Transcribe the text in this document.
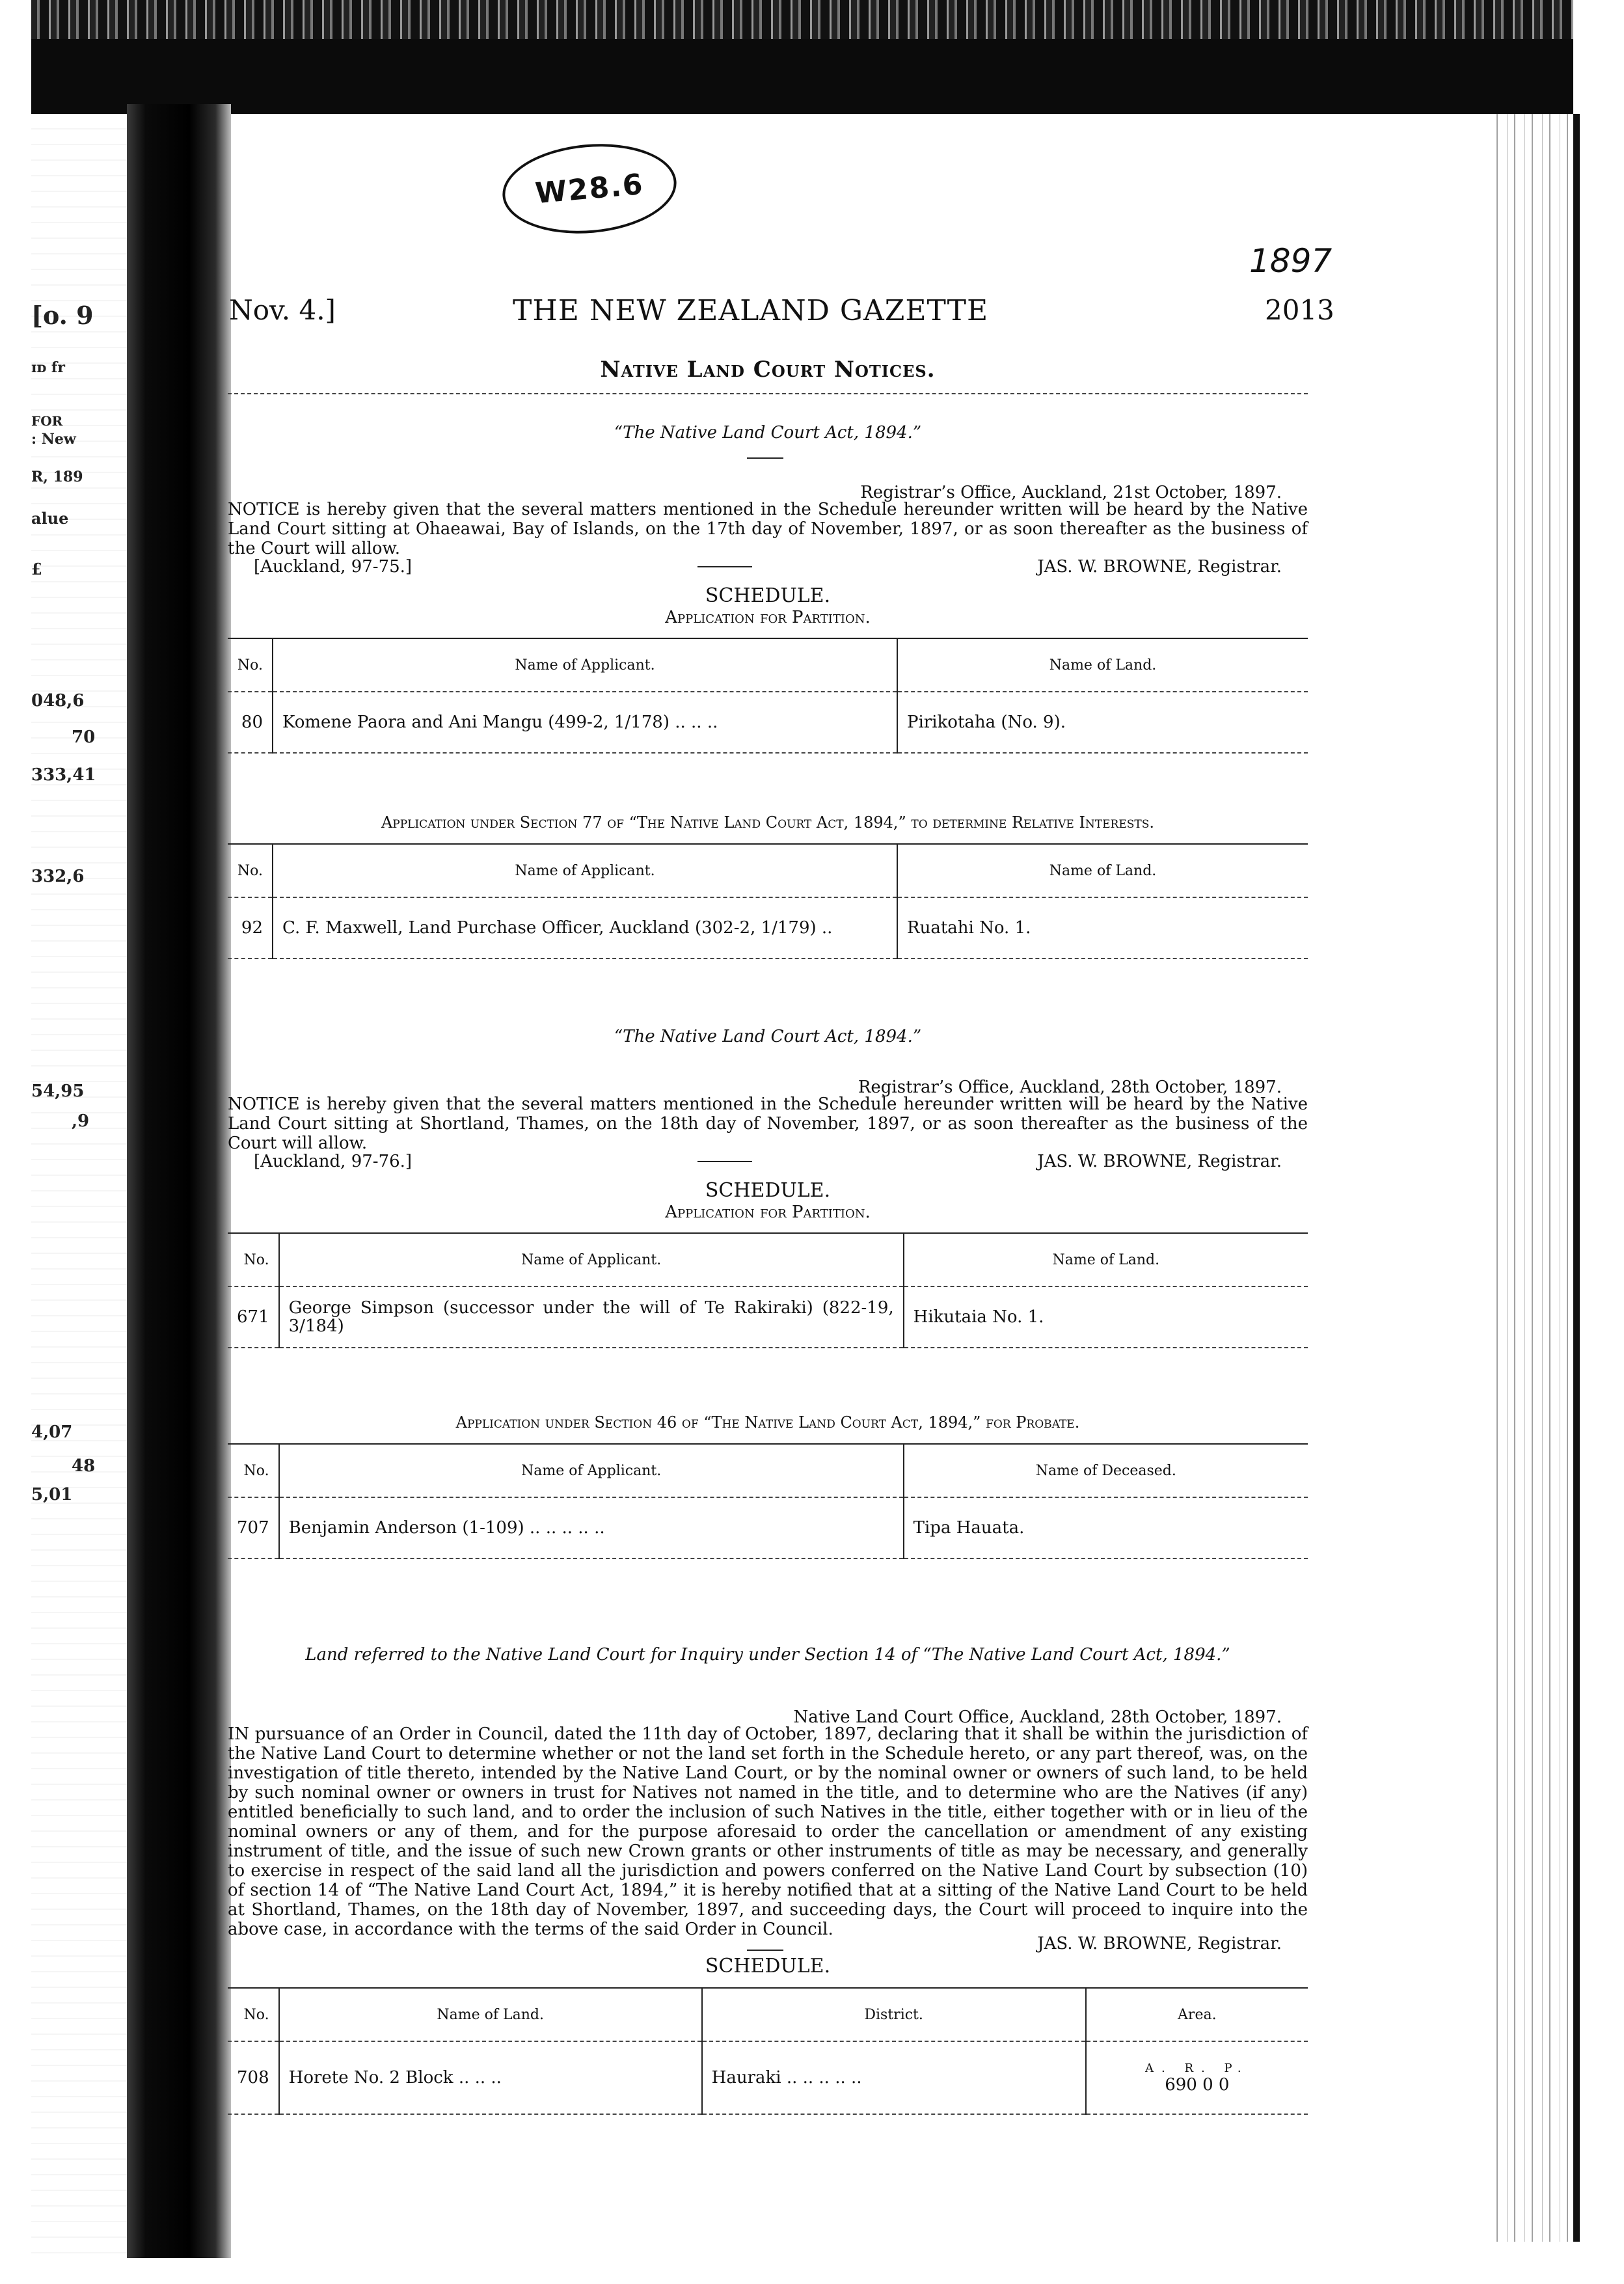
[o. 9
ɪᴅ fr
FOR
: New
R, 189
alue
£
048,6
70
333,41
332,6
54,95
,9
4,07
48
5,01
W28.6
1897
Nov. 4.]	THE NEW ZEALAND GAZETTE	2013
Native Land Court Notices.
“The Native Land Court Act, 1894.”
Registrar’s Office, Auckland, 21st October, 1897.
NOTICE is hereby given that the several matters mentioned in the Schedule hereunder written will be heard by the Native Land Court sitting at Ohaeawai, Bay of Islands, on the 17th day of November, 1897, or as soon thereafter as the business of the Court will allow.
[Auckland, 97-75.]	JAS. W. BROWNE, Registrar.
SCHEDULE.
Application for Partition.
No.	Name of Applicant.	Name of Land.
80	Komene Paora and Ani Mangu (499-2, 1/178) .. .. ..	Pirikotaha (No. 9).
Application under Section 77 of “The Native Land Court Act, 1894,” to determine Relative Interests.
No.	Name of Applicant.	Name of Land.
92	C. F. Maxwell, Land Purchase Officer, Auckland (302-2, 1/179) ..	Ruatahi No. 1.
“The Native Land Court Act, 1894.”
Registrar’s Office, Auckland, 28th October, 1897.
NOTICE is hereby given that the several matters mentioned in the Schedule hereunder written will be heard by the Native Land Court sitting at Shortland, Thames, on the 18th day of November, 1897, or as soon thereafter as the business of the Court will allow.
[Auckland, 97-76.]	JAS. W. BROWNE, Registrar.
SCHEDULE.
Application for Partition.
No.	Name of Applicant.	Name of Land.
671	George Simpson (successor under the will of Te Rakiraki) (822-19, 3/184)	Hikutaia No. 1.
Application under Section 46 of “The Native Land Court Act, 1894,” for Probate.
No.	Name of Applicant.	Name of Deceased.
707	Benjamin Anderson (1-109) .. .. .. .. ..	Tipa Hauata.
Land referred to the Native Land Court for Inquiry under Section 14 of “The Native Land Court Act, 1894.”
Native Land Court Office, Auckland, 28th October, 1897.
IN pursuance of an Order in Council, dated the 11th day of October, 1897, declaring that it shall be within the jurisdiction of the Native Land Court to determine whether or not the land set forth in the Schedule hereto, or any part thereof, was, on the investigation of title thereto, intended by the Native Land Court, or by the nominal owner or owners of such land, to be held by such nominal owner or owners in trust for Natives not named in the title, and to determine who are the Natives (if any) entitled beneficially to such land, and to order the inclusion of such Natives in the title, either together with or in lieu of the nominal owners or any of them, and for the purpose aforesaid to order the cancellation or amendment of any existing instrument of title, and the issue of such new Crown grants or other instruments of title as may be necessary, and generally to exercise in respect of the said land all the jurisdiction and powers conferred on the Native Land Court by subsection (10) of section 14 of “The Native Land Court Act, 1894,” it is hereby notified that at a sitting of the Native Land Court to be held at Shortland, Thames, on the 18th day of November, 1897, and succeeding days, the Court will proceed to inquire into the above case, in accordance with the terms of the said Order in Council.
JAS. W. BROWNE, Registrar.
SCHEDULE.
No.	Name of Land.	District.	Area.
708	Horete No. 2 Block .. .. ..	Hauraki .. .. .. .. ..	A. R. P.
690 0 0
